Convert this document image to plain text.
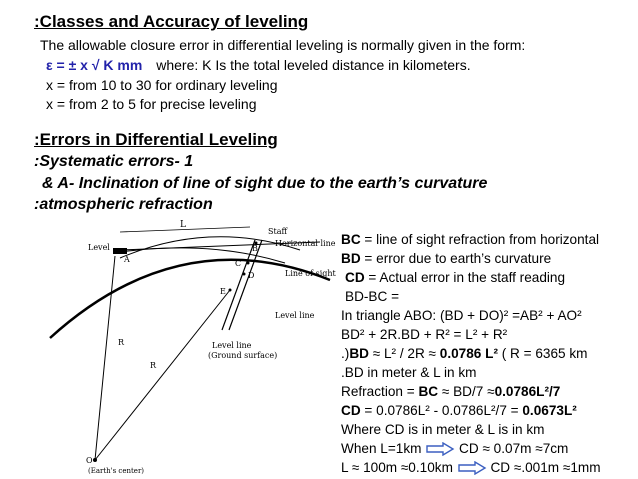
:Classes and Accuracy of leveling
The allowable closure error in differential leveling is normally given in the form:
ε = ± x √ K mm where: K Is the total leveled distance in kilometers.
x = from 10 to 30 for ordinary leveling
x = from 2 to 5 for precise leveling
:Errors in Differential Leveling
:Systematic errors- 1
& A- Inclination of line of sight due to the earth’s curvature
:atmospheric refraction
Level
L
Staff
Horizontal line
Line of sight
Level line
Level line
(Ground surface)
R
R
O
(Earth's center)
A
B
C
D
E
BC = line of sight refraction from horizontal
BD = error due to earth’s curvature
CD = Actual error in the staff reading
BD-BC =
In triangle ABO: (BD + DO)² =AB² + AO²
BD² + 2R.BD + R² = L² + R²
.)BD ≈ L² / 2R ≈ 0.0786 L² ( R = 6365 km
.BD in meter & L in km
Refraction = BC ≈ BD/7 ≈0.0786L²/7
CD = 0.0786L² - 0.0786L²/7 = 0.0673L²
Where CD is in meter & L is in km
When L=1km	CD ≈ 0.07m ≈7cm
L ≈ 100m ≈0.10km	CD ≈.001m ≈1mm
